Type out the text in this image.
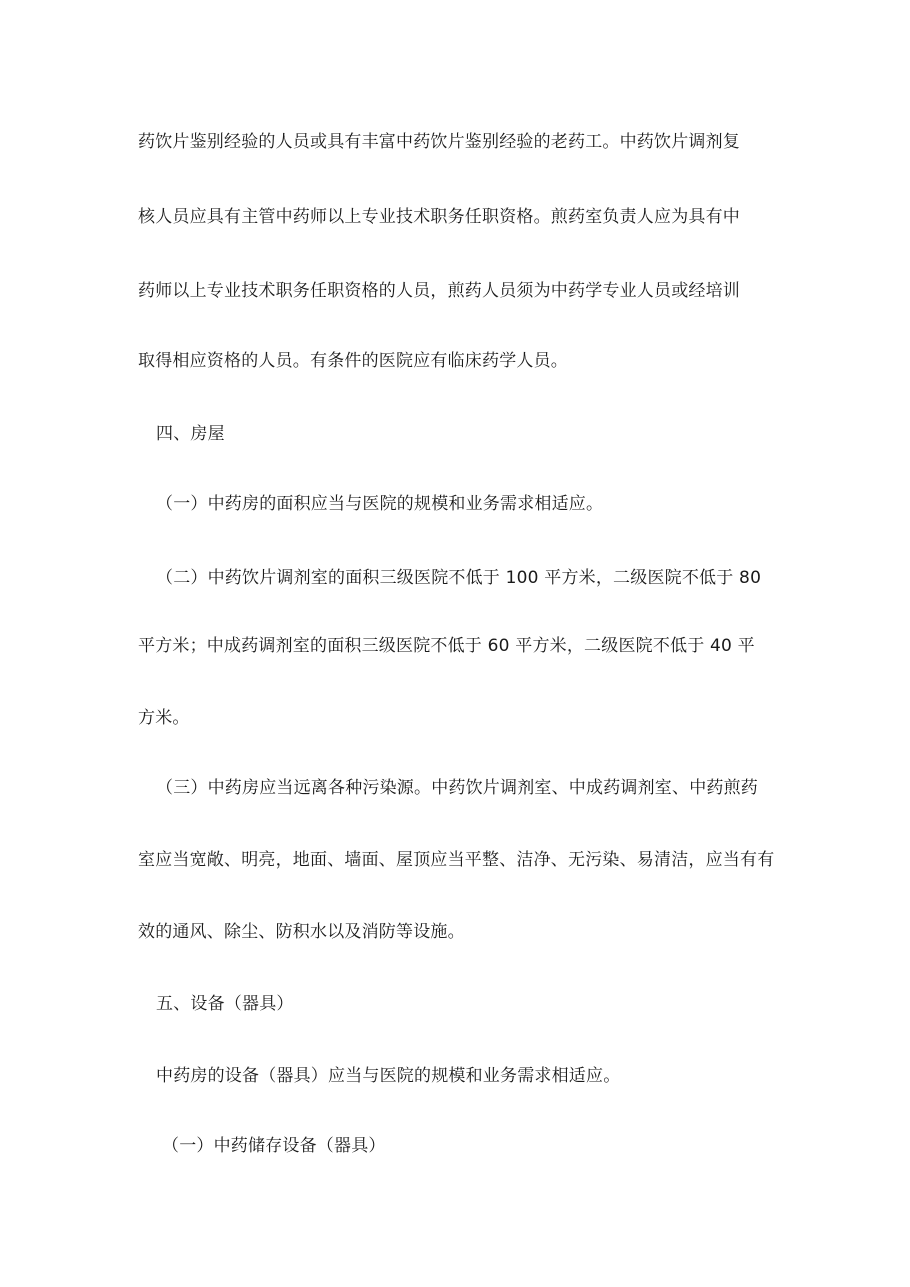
药饮片鉴别经验的人员或具有丰富中药饮片鉴别经验的老药工。中药饮片调剂复
核人员应具有主管中药师以上专业技术职务任职资格。煎药室负责人应为具有中
药师以上专业技术职务任职资格的人员，煎药人员须为中药学专业人员或经培训
取得相应资格的人员。有条件的医院应有临床药学人员。
四、房屋
（一）中药房的面积应当与医院的规模和业务需求相适应。
（二）中药饮片调剂室的面积三级医院不低于 100 平方米，二级医院不低于 80
平方米；中成药调剂室的面积三级医院不低于 60 平方米，二级医院不低于 40 平
方米。
（三）中药房应当远离各种污染源。中药饮片调剂室、中成药调剂室、中药煎药
室应当宽敞、明亮，地面、墙面、屋顶应当平整、洁净、无污染、易清洁，应当有有
效的通风、除尘、防积水以及消防等设施。
五、设备（器具）
中药房的设备（器具）应当与医院的规模和业务需求相适应。
（一）中药储存设备（器具）
